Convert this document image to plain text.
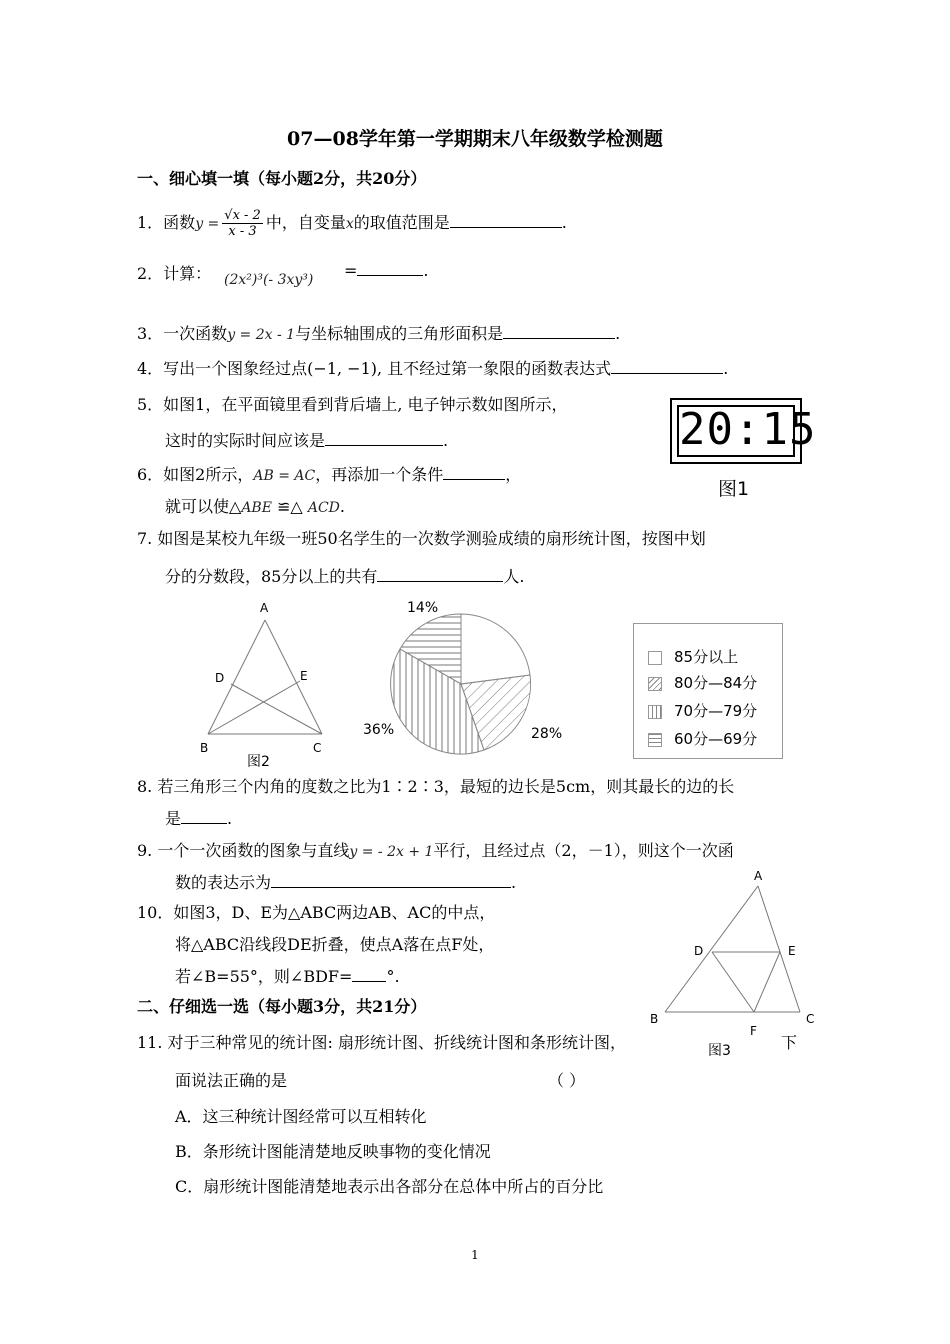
07—08学年第一学期期末八年级数学检测题
一、细心填一填（每小题2分，共20分）
1．函数$y = \frac{√x - 2}{x - 3}$ 中，自变量x的取值范围是	.
2．计算： (2x²)³(- 3xy³) =	.
3．一次函数y = 2x - 1与坐标轴围成的三角形面积是	.
4．写出一个图象经过点(−1, −1), 且不经过第一象限的函数表达式	.
5．如图1，在平面镜里看到背后墙上, 电子钟示数如图所示，
这时的实际时间应该是	.	20:15
图1
6．如图2所示，AB = AC，再添加一个条件	，
就可以使△ABE ≌△ ACD.
7. 如图是某校九年级一班50名学生的一次数学测验成绩的扇形统计图，按图中划
分的分数段，85分以上的共有	人.
A
D	E
B	C
图2
14%
28%
36%
85分以上
80分—84分
70分—79分
60分—69分
8. 若三角形三个内角的度数之比为1∶2∶3，最短的边长是5cm，则其最长的边的长
是	.
9. 一个一次函数的图象与直线y = - 2x + 1平行，且经过点（2，－1），则这个一次函
数的表达示为	.
10．如图3，D、E为△ABC两边AB、AC的中点，
将△ABC沿线段DE折叠，使点A落在点F处，
若∠B=55°，则∠BDF= °.
A
D	E
B	C
F
图3
二、仔细选一选（每小题3分，共21分）
11. 对于三种常见的统计图: 扇形统计图、折线统计图和条形统计图，	下
面说法正确的是	（ ）
A．这三种统计图经常可以互相转化
B．条形统计图能清楚地反映事物的变化情况
C．扇形统计图能清楚地表示出各部分在总体中所占的百分比
1
